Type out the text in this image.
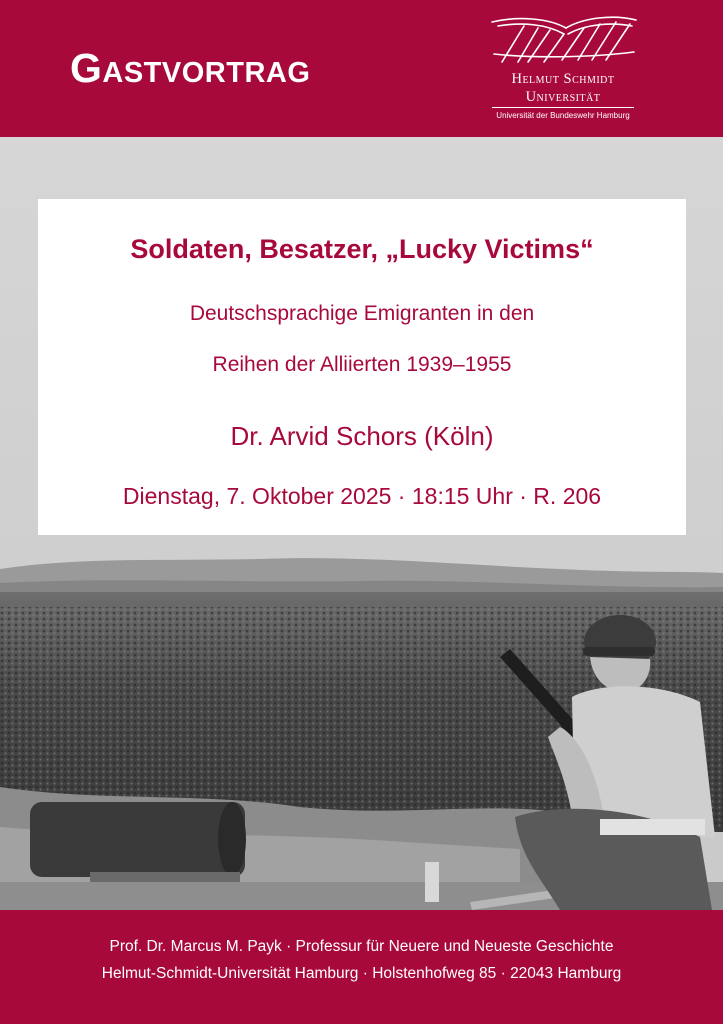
Gastvortrag	Helmut Schmidt
Universität
Universität der Bundeswehr Hamburg
Soldaten, Besatzer, „Lucky Victims“
Deutschsprachige Emigranten in den
Reihen der Alliierten 1939–1955
Dr. Arvid Schors (Köln)
Dienstag, 7. Oktober 2025 · 18:15 Uhr · R. 206
Prof. Dr. Marcus M. Payk · Professur für Neuere und Neueste Geschichte
Helmut-Schmidt-Universität Hamburg · Holstenhofweg 85 · 22043 Hamburg
